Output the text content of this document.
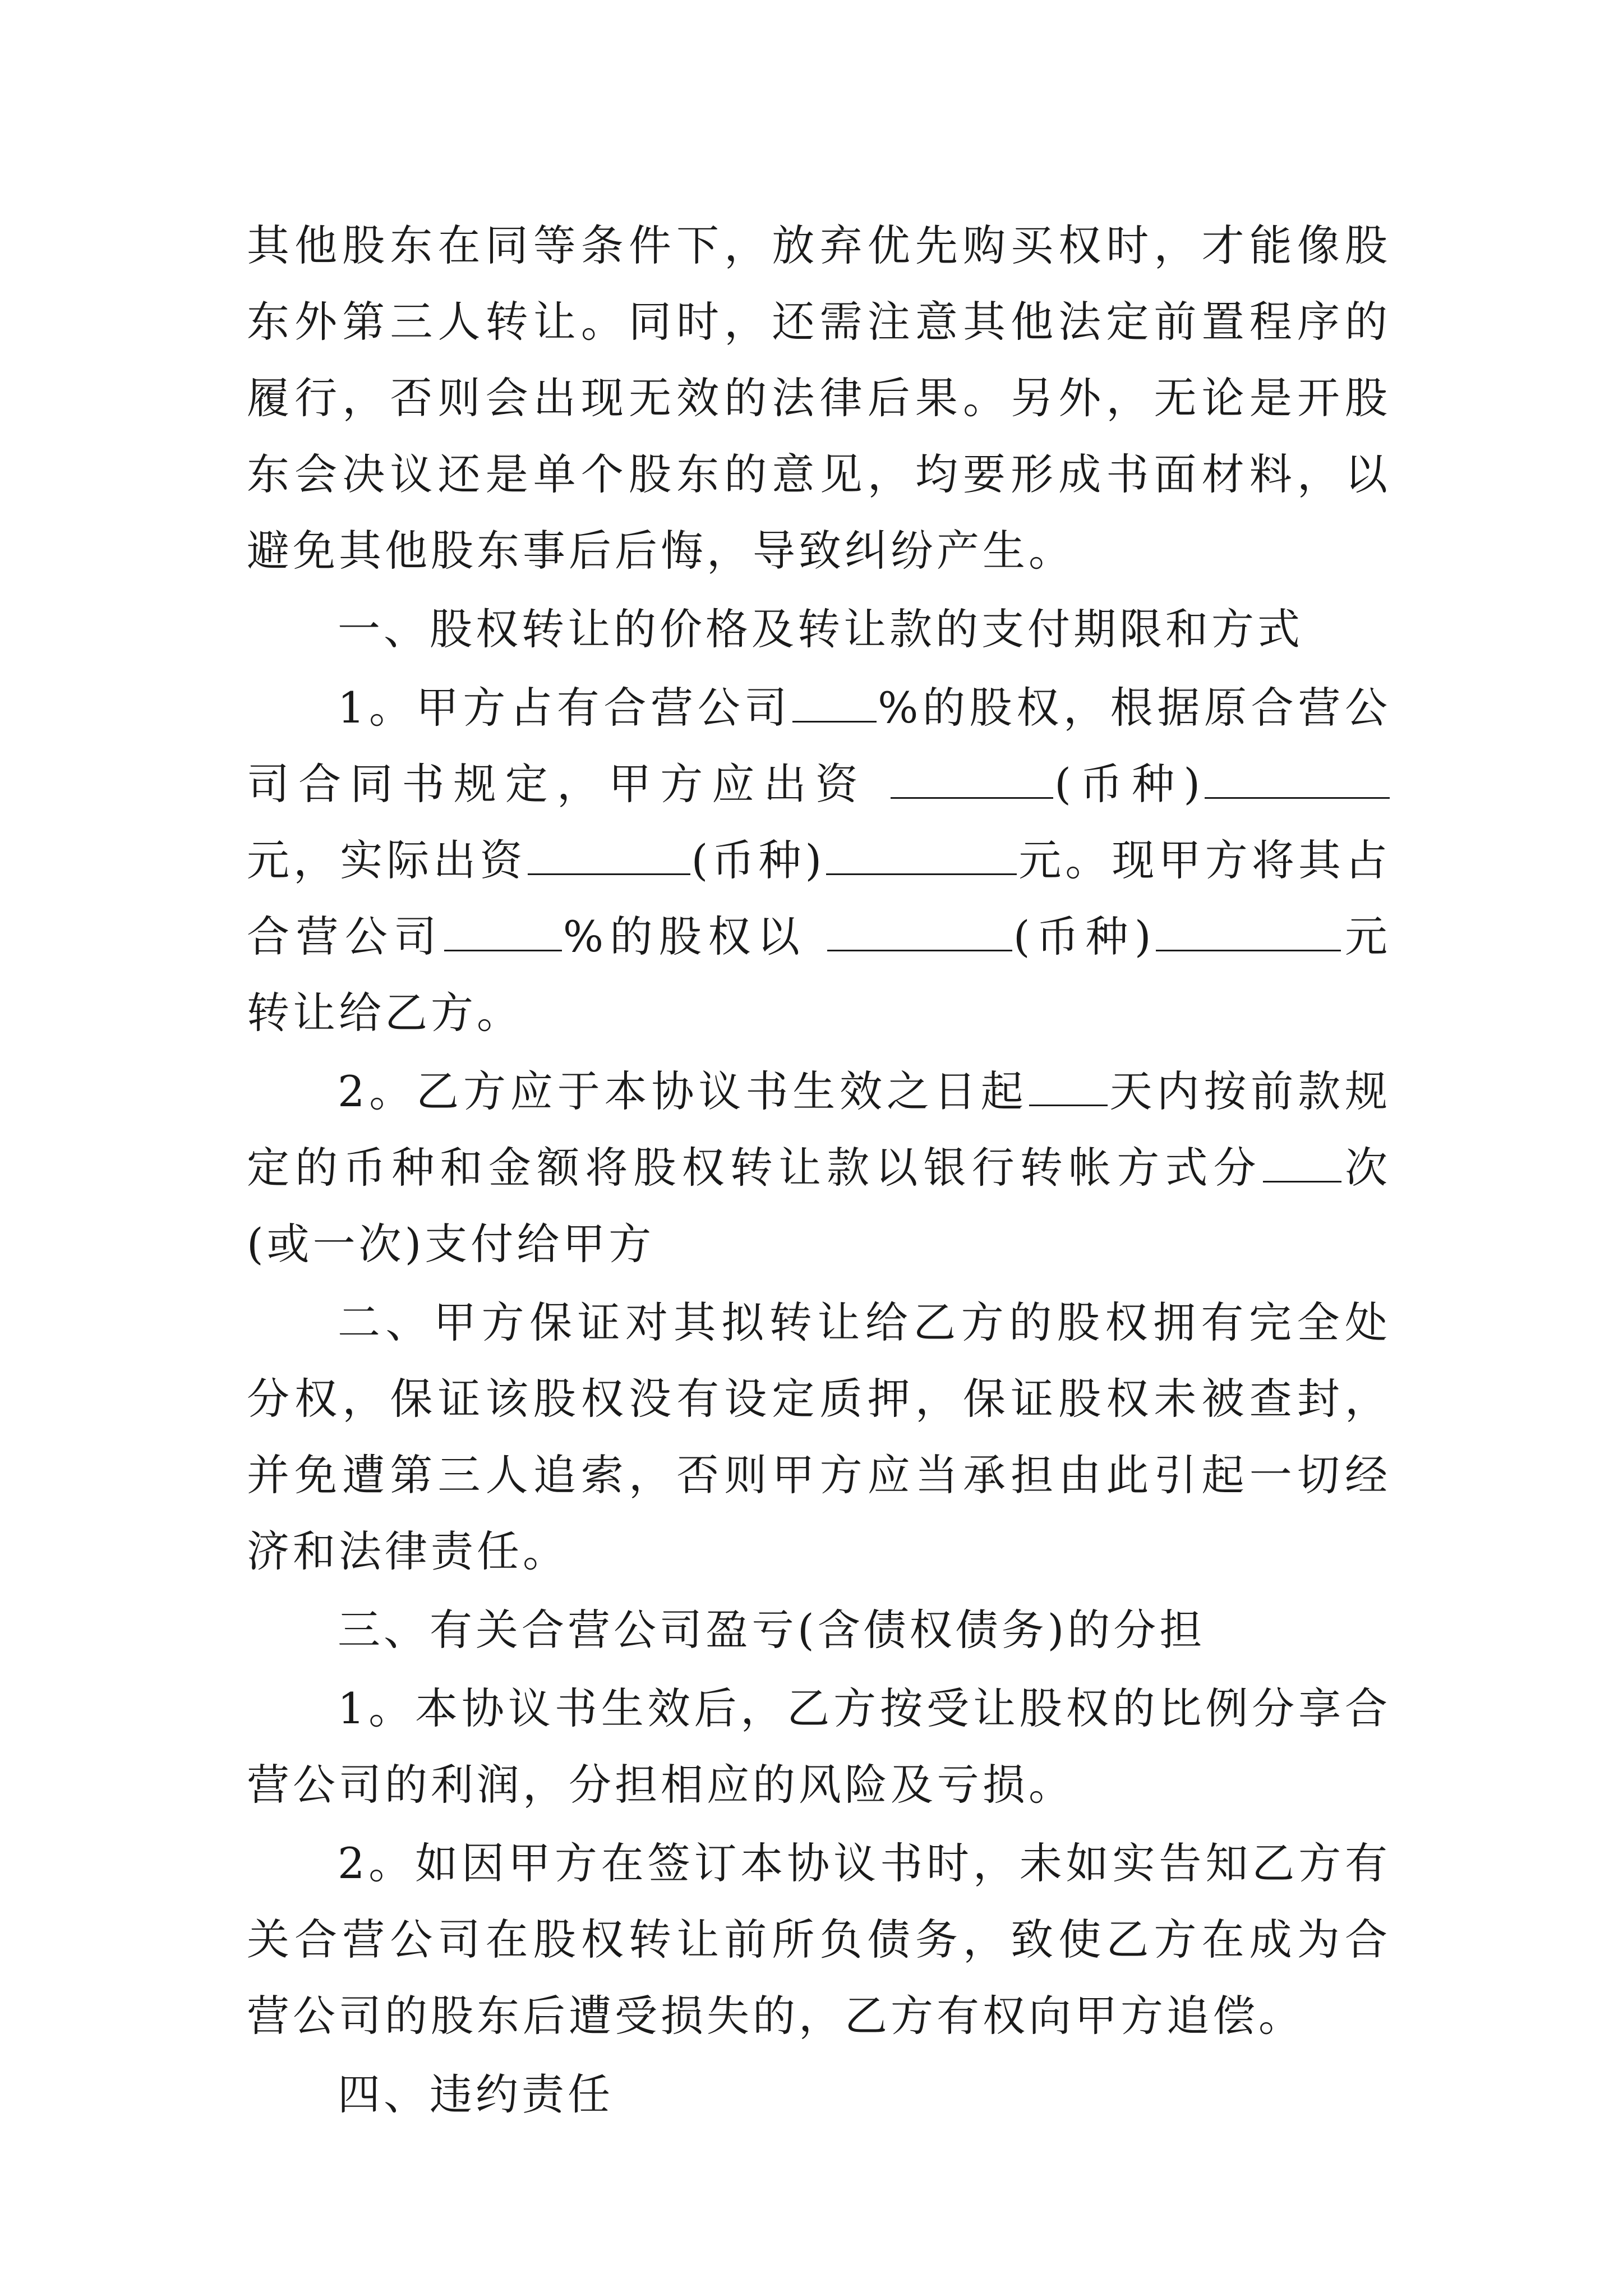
其他股东在同等条件下，放弃优先购买权时，才能像股东外第三人转让。同时，还需注意其他法定前置程序的履行，否则会出现无效的法律后果。另外，无论是开股东会决议还是单个股东的意见，均要形成书面材料，以避免其他股东事后后悔，导致纠纷产生。

一、股权转让的价格及转让款的支付期限和方式

1。甲方占有合营公司 %的股权，根据原合营公司合同书规定，甲方应出资	(币种)元，实际出资	(币种)	元。现甲方将其占合营公司	%的股权以	(币种)	元转让给乙方。

2。乙方应于本协议书生效之日起 天内按前款规定的币种和金额将股权转让款以银行转帐方式分 次(或一次)支付给甲方

二、甲方保证对其拟转让给乙方的股权拥有完全处分权，保证该股权没有设定质押，保证股权未被查封，并免遭第三人追索，否则甲方应当承担由此引起一切经济和法律责任。

三、有关合营公司盈亏(含债权债务)的分担

1。本协议书生效后，乙方按受让股权的比例分享合营公司的利润，分担相应的风险及亏损。

2。如因甲方在签订本协议书时，未如实告知乙方有关合营公司在股权转让前所负债务，致使乙方在成为合营公司的股东后遭受损失的，乙方有权向甲方追偿。

四、违约责任
